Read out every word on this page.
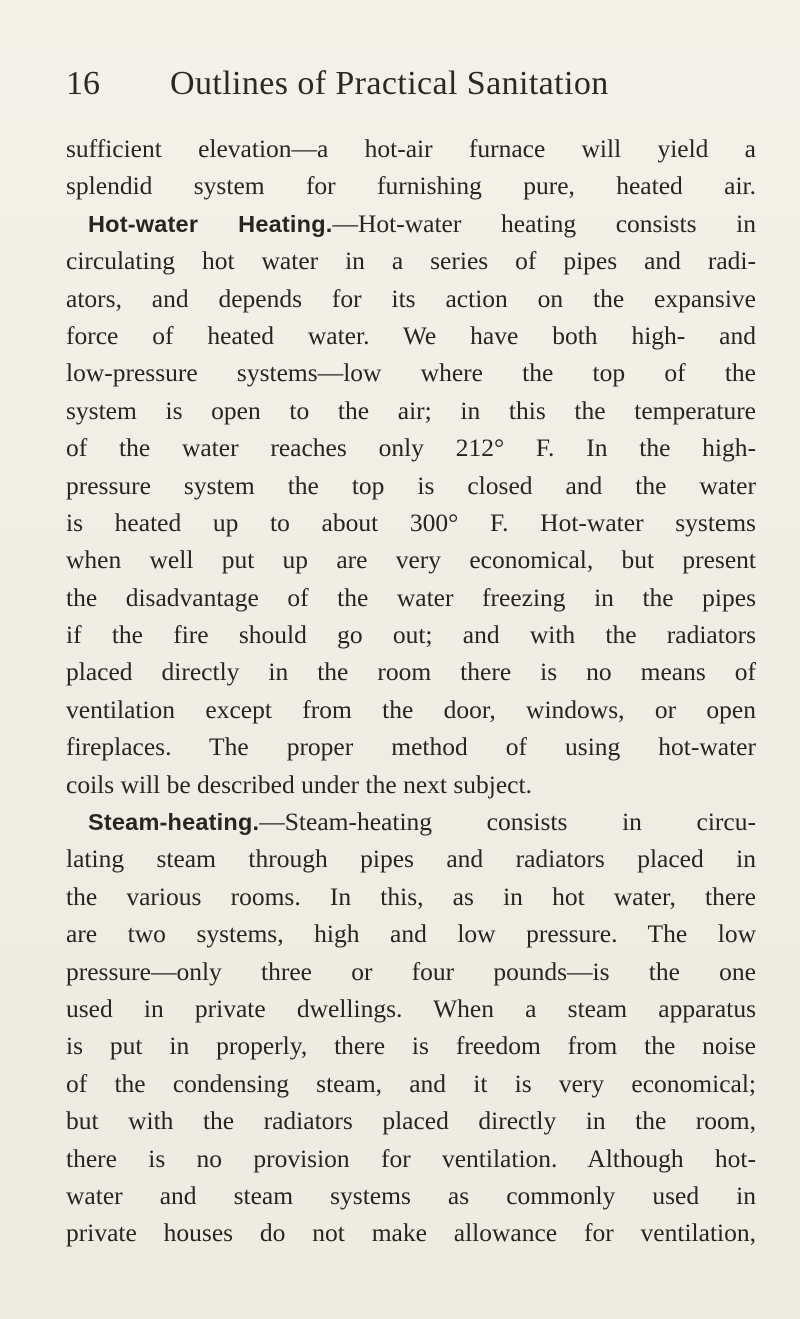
16 Outlines of Practical Sanitation
sufficient elevation—a hot-air furnace will yield a
splendid system for furnishing pure, heated air.
Hot-water Heating.—Hot-water heating consists in
circulating hot water in a series of pipes and radi-
ators, and depends for its action on the expansive
force of heated water. We have both high- and
low-pressure systems—low where the top of the
system is open to the air; in this the temperature
of the water reaches only 212° F. In the high-
pressure system the top is closed and the water
is heated up to about 300° F. Hot-water systems
when well put up are very economical, but present
the disadvantage of the water freezing in the pipes
if the fire should go out; and with the radiators
placed directly in the room there is no means of
ventilation except from the door, windows, or open
fireplaces. The proper method of using hot-water
coils will be described under the next subject.
Steam-heating.—Steam-heating consists in circu-
lating steam through pipes and radiators placed in
the various rooms. In this, as in hot water, there
are two systems, high and low pressure. The low
pressure—only three or four pounds—is the one
used in private dwellings. When a steam apparatus
is put in properly, there is freedom from the noise
of the condensing steam, and it is very economical;
but with the radiators placed directly in the room,
there is no provision for ventilation. Although hot-
water and steam systems as commonly used in
private houses do not make allowance for ventilation,
